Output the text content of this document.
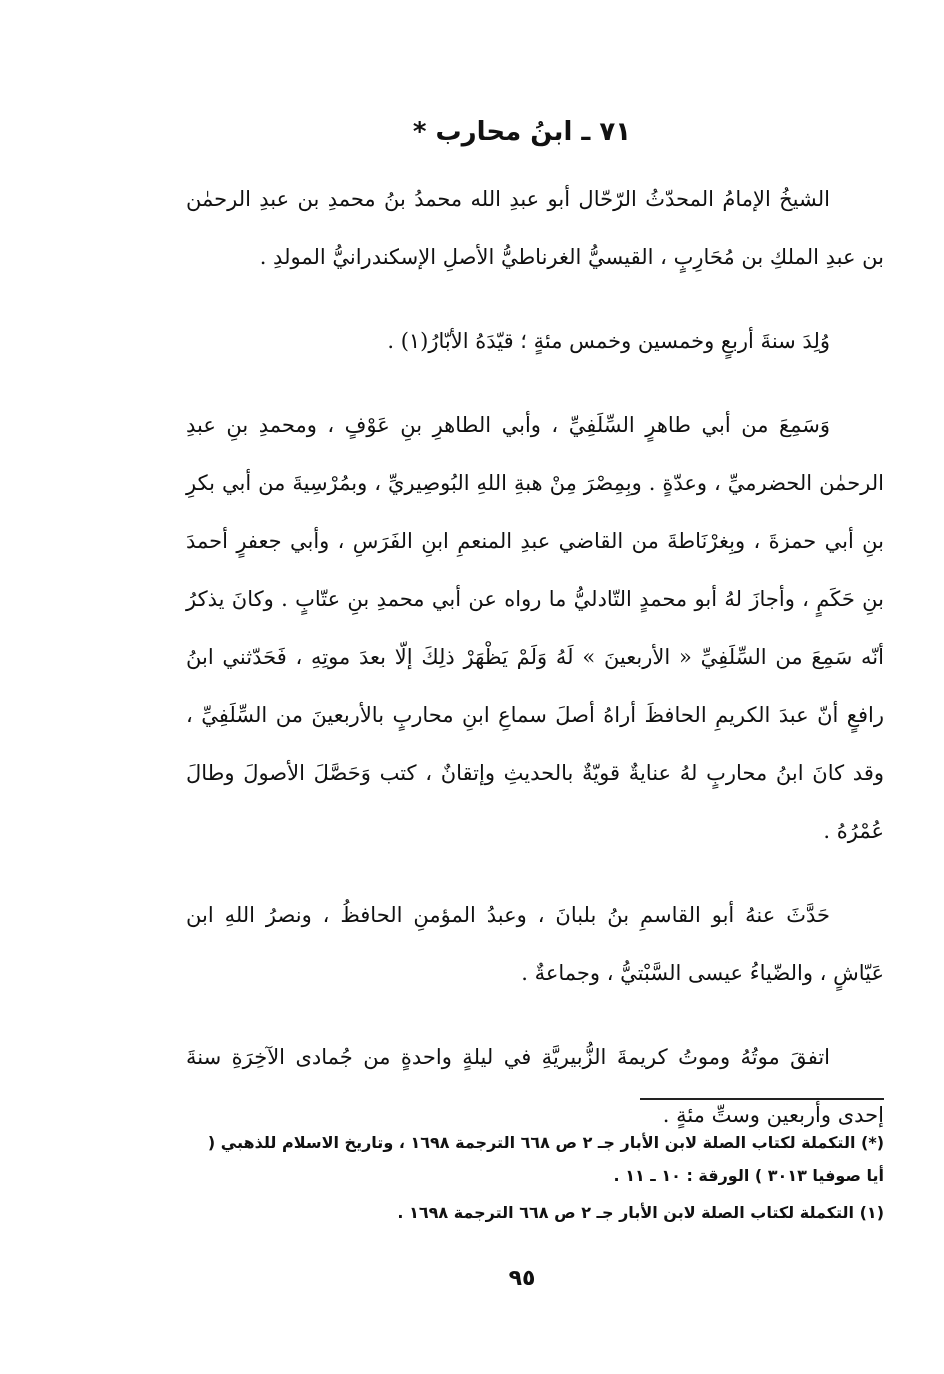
٧١ ـ ابنُ محارب *

الشيخُ الإمامُ المحدّثُ الرّحّال أبو عبدِ الله محمدُ بنُ محمدِ بن عبدِ الرحمٰن بن عبدِ الملكِ بن مُحَارِبٍ ، القيسيُّ الغرناطيُّ الأصلِ الإسكندرانيُّ المولدِ .

وُلِدَ سنةَ أربعٍ وخمسين وخمس مئةٍ ؛ قيّدَهُ الأبّارُ(١) .

وَسَمِعَ من أبي طاهرٍ السِّلَفِيِّ ، وأبي الطاهرِ بنِ عَوْفٍ ، ومحمدِ بنِ عبدِ الرحمٰن الحضرميِّ ، وعدّةٍ . وبِمِصْرَ مِنْ هبةِ اللهِ البُوصِيريِّ ، وبمُرْسِيةَ من أبي بكرِ بنِ أبي حمزةَ ، وبِغرْنَاطةَ من القاضي عبدِ المنعمِ ابنِ الفَرَسِ ، وأبي جعفرٍ أحمدَ بنِ حَكَمٍ ، وأجازَ لهُ أبو محمدٍ التّادليُّ ما رواه عن أبي محمدِ بنِ عتّابٍ . وكانَ يذكرُ أنّه سَمِعَ من السِّلَفِيِّ « الأربعينَ » لَهُ وَلَمْ يَظْهَرْ ذلِكَ إلّا بعدَ موتِهِ ، فَحَدّثني ابنُ رافعٍ أنّ عبدَ الكريمِ الحافظَ أراهُ أصلَ سماعِ ابنِ محاربٍ بالأربعينَ من السِّلَفِيِّ ، وقد كانَ ابنُ محاربٍ لهُ عنايةٌ قويّةٌ بالحديثِ وإتقانٌ ، كتب وَحَصَّلَ الأصولَ وطالَ عُمْرُهُ .

حَدَّثَ عنهُ أبو القاسمِ بنُ بلبانَ ، وعبدُ المؤمنِ الحافظُ ، ونصرُ اللهِ ابن عَيّاشٍ ، والضّياءُ عيسى السَّبْتيُّ ، وجماعةٌ .

اتفقَ موتُهُ وموتُ كريمةَ الزُّبيريَّةِ في ليلةٍ واحدةٍ من جُمادى الآخِرَةِ سنةَ إحدى وأربعين وستِّ مئةٍ .

(*) التكملة لكتاب الصلة لابن الأبار جـ ٢ ص ٦٦٨ الترجمة ١٦٩٨ ، وتاريخ الاسلام للذهبي ( أيا صوفيا ٣٠١٣ ) الورقة : ١٠ ـ ١١ .

(١) التكملة لكتاب الصلة لابن الأبار جـ ٢ ص ٦٦٨ الترجمة ١٦٩٨ .

٩٥
